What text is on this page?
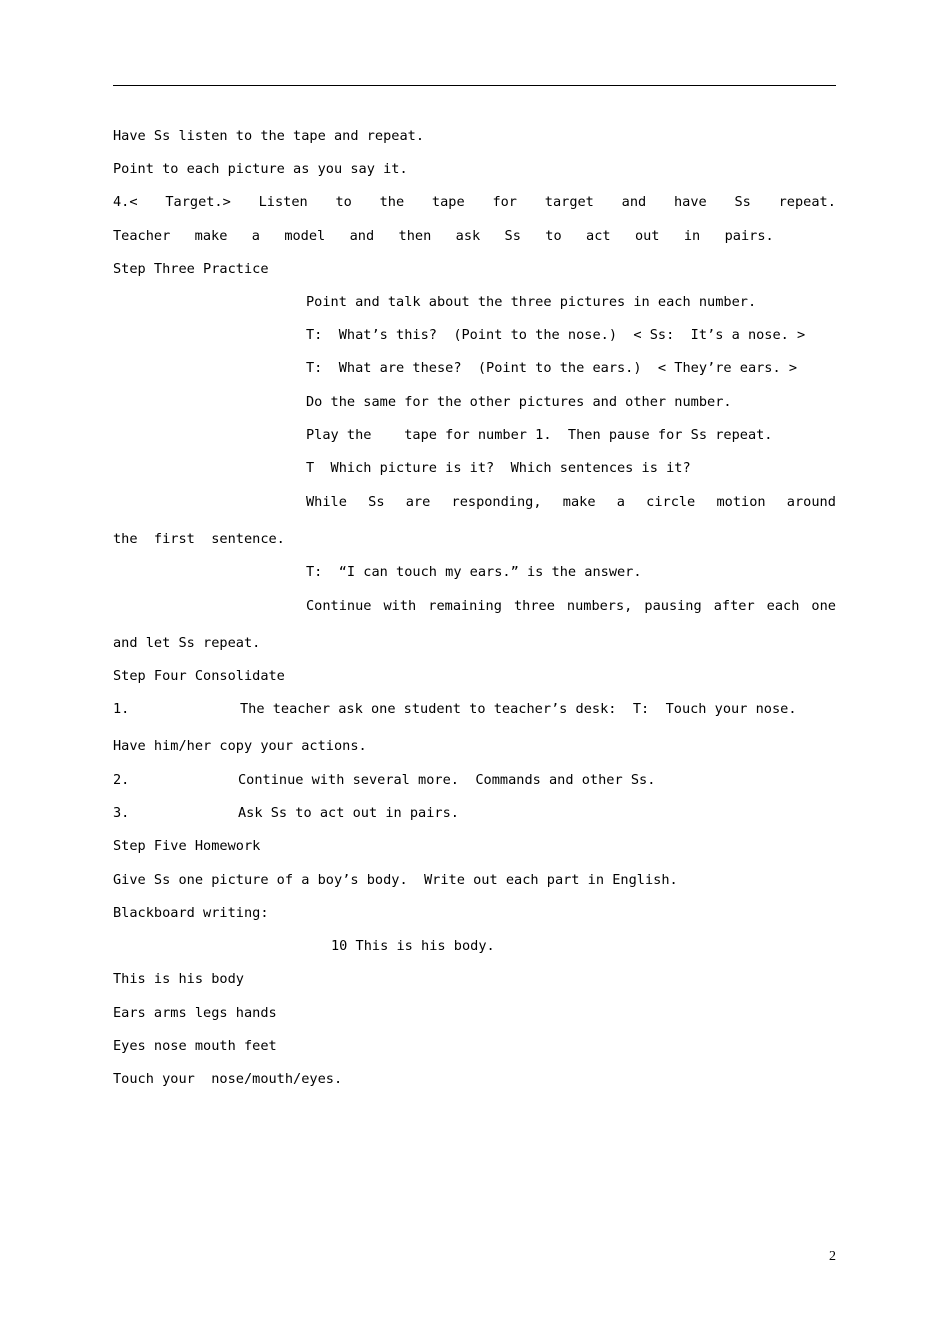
Have Ss listen to the tape and repeat.
Point to each picture as you say it.
4.< Target.> Listen to the tape for target and have Ss repeat.
Teacher  make  a  model  and  then  ask  Ss  to  act  out  in  pairs.
Step Three Practice
Point and talk about the three pictures in each number.
T:  What’s this?  (Point to the nose.)  < Ss:  It’s a nose. >
T:  What are these?  (Point to the ears.)  < They’re ears. >
Do the same for the other pictures and other number.
Play the    tape for number 1.  Then pause for Ss repeat.
T  Which picture is it?  Which sentences is it?
While Ss are responding, make a circle motion around
the  first  sentence.
T:  “I can touch my ears.” is the answer.
Continue with remaining three numbers, pausing after each one
and let Ss repeat.
Step Four Consolidate
1.	The teacher ask one student to teacher’s desk:  T:  Touch your nose.
Have him/her copy your actions.
2.	Continue with several more.  Commands and other Ss.
3.	Ask Ss to act out in pairs.
Step Five Homework
Give Ss one picture of a boy’s body.  Write out each part in English.
Blackboard writing:
10 This is his body.
This is his body
Ears arms legs hands
Eyes nose mouth feet
Touch your  nose/mouth/eyes.
2
